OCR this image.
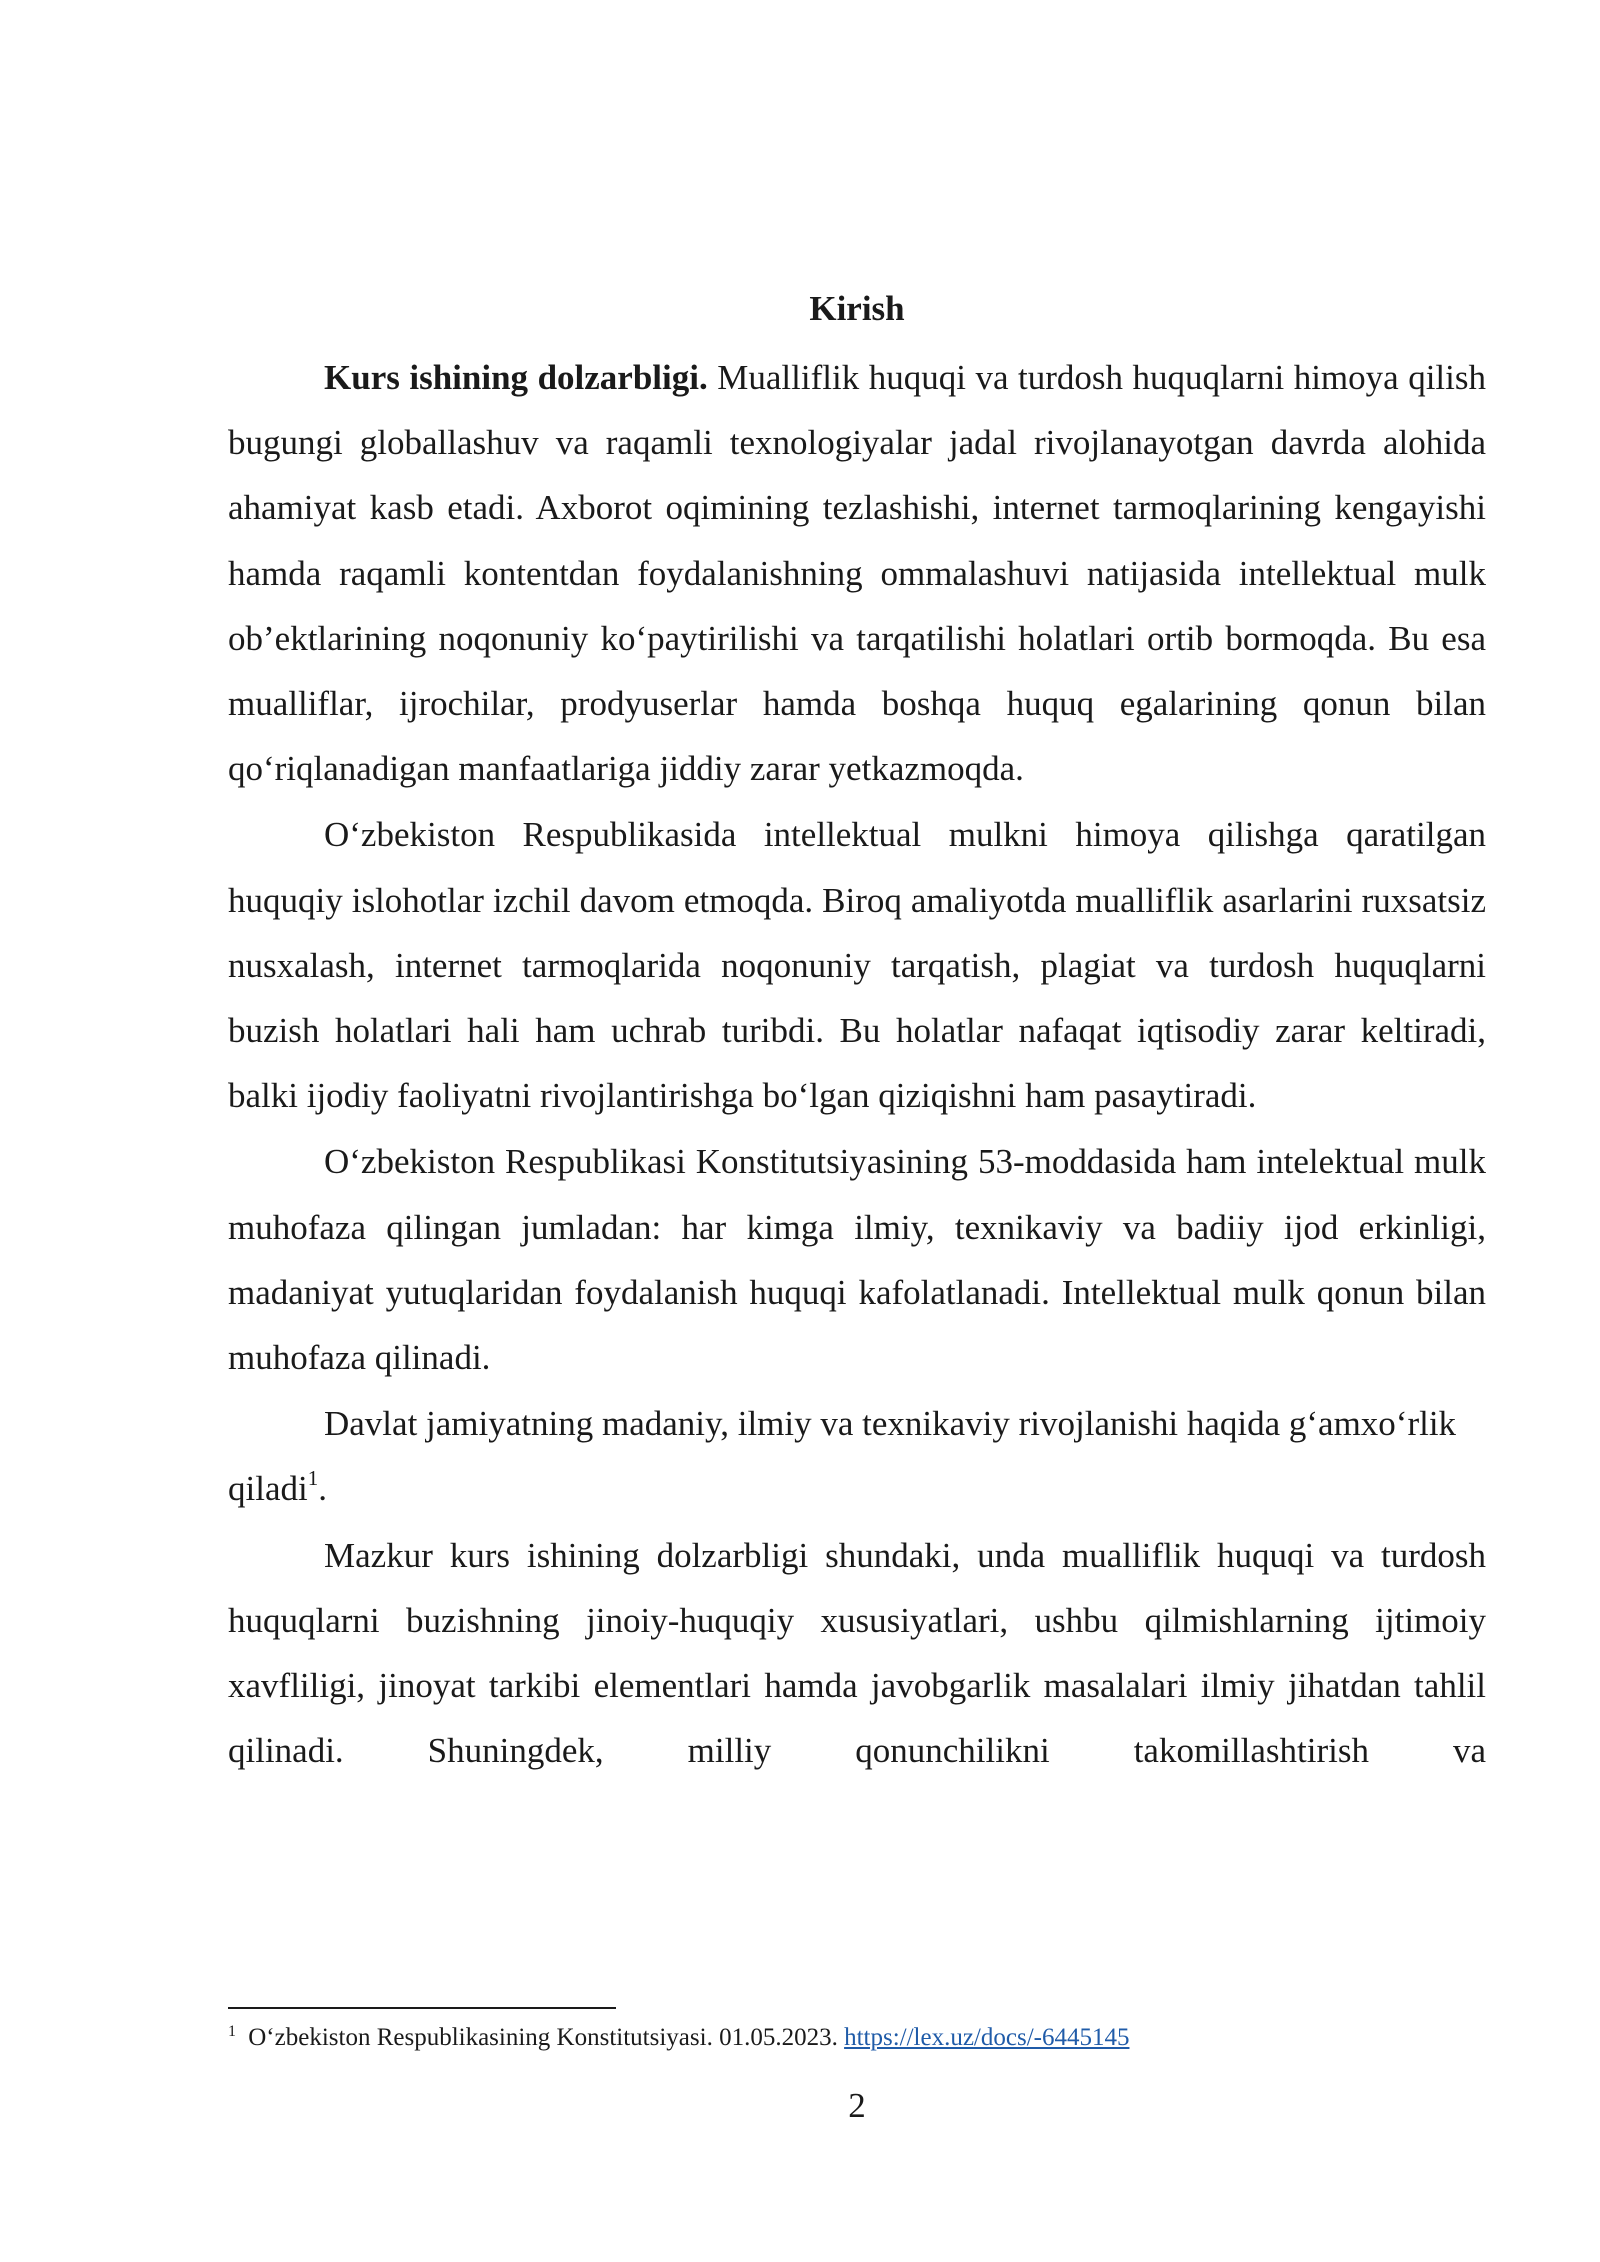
Kirish

Kurs ishining dolzarbligi. Mualliflik huquqi va turdosh huquqlarni himoya qilish bugungi globallashuv va raqamli texnologiyalar jadal rivojlanayotgan davrda alohida ahamiyat kasb etadi. Axborot oqimining tezlashishi, internet tarmoqlarining kengayishi hamda raqamli kontentdan foydalanishning ommalashuvi natijasida intellektual mulk ob’ektlarining noqonuniy ko‘paytirilishi va tarqatilishi holatlari ortib bormoqda. Bu esa mualliflar, ijrochilar, prodyuserlar hamda boshqa huquq egalarining qonun bilan qo‘riqlanadigan manfaatlariga jiddiy zarar yetkazmoqda.

O‘zbekiston Respublikasida intellektual mulkni himoya qilishga qaratilgan huquqiy islohotlar izchil davom etmoqda. Biroq amaliyotda mualliflik asarlarini ruxsatsiz nusxalash, internet tarmoqlarida noqonuniy tarqatish, plagiat va turdosh huquqlarni buzish holatlari hali ham uchrab turibdi. Bu holatlar nafaqat iqtisodiy zarar keltiradi, balki ijodiy faoliyatni rivojlantirishga bo‘lgan qiziqishni ham pasaytiradi.

O‘zbekiston Respublikasi Konstitutsiyasining 53-moddasida ham intelektual mulk muhofaza qilingan jumladan: har kimga ilmiy, texnikaviy va badiiy ijod erkinligi, madaniyat yutuqlaridan foydalanish huquqi kafolatlanadi. Intellektual mulk qonun bilan muhofaza qilinadi.

Davlat jamiyatning madaniy, ilmiy va texnikaviy rivojlanishi haqida g‘amxo‘rlik qiladi$^1$.

Mazkur kurs ishining dolzarbligi shundaki, unda mualliflik huquqi va turdosh huquqlarni buzishning jinoiy-huquqiy xususiyatlari, ushbu qilmishlarning ijtimoiy xavfliligi, jinoyat tarkibi elementlari hamda javobgarlik masalalari ilmiy jihatdan tahlil qilinadi. Shuningdek, milliy qonunchilikni takomillashtirish va

$^1$ O‘zbekiston Respublikasining Konstitutsiyasi. 01.05.2023. https://lex.uz/docs/-6445145

2
